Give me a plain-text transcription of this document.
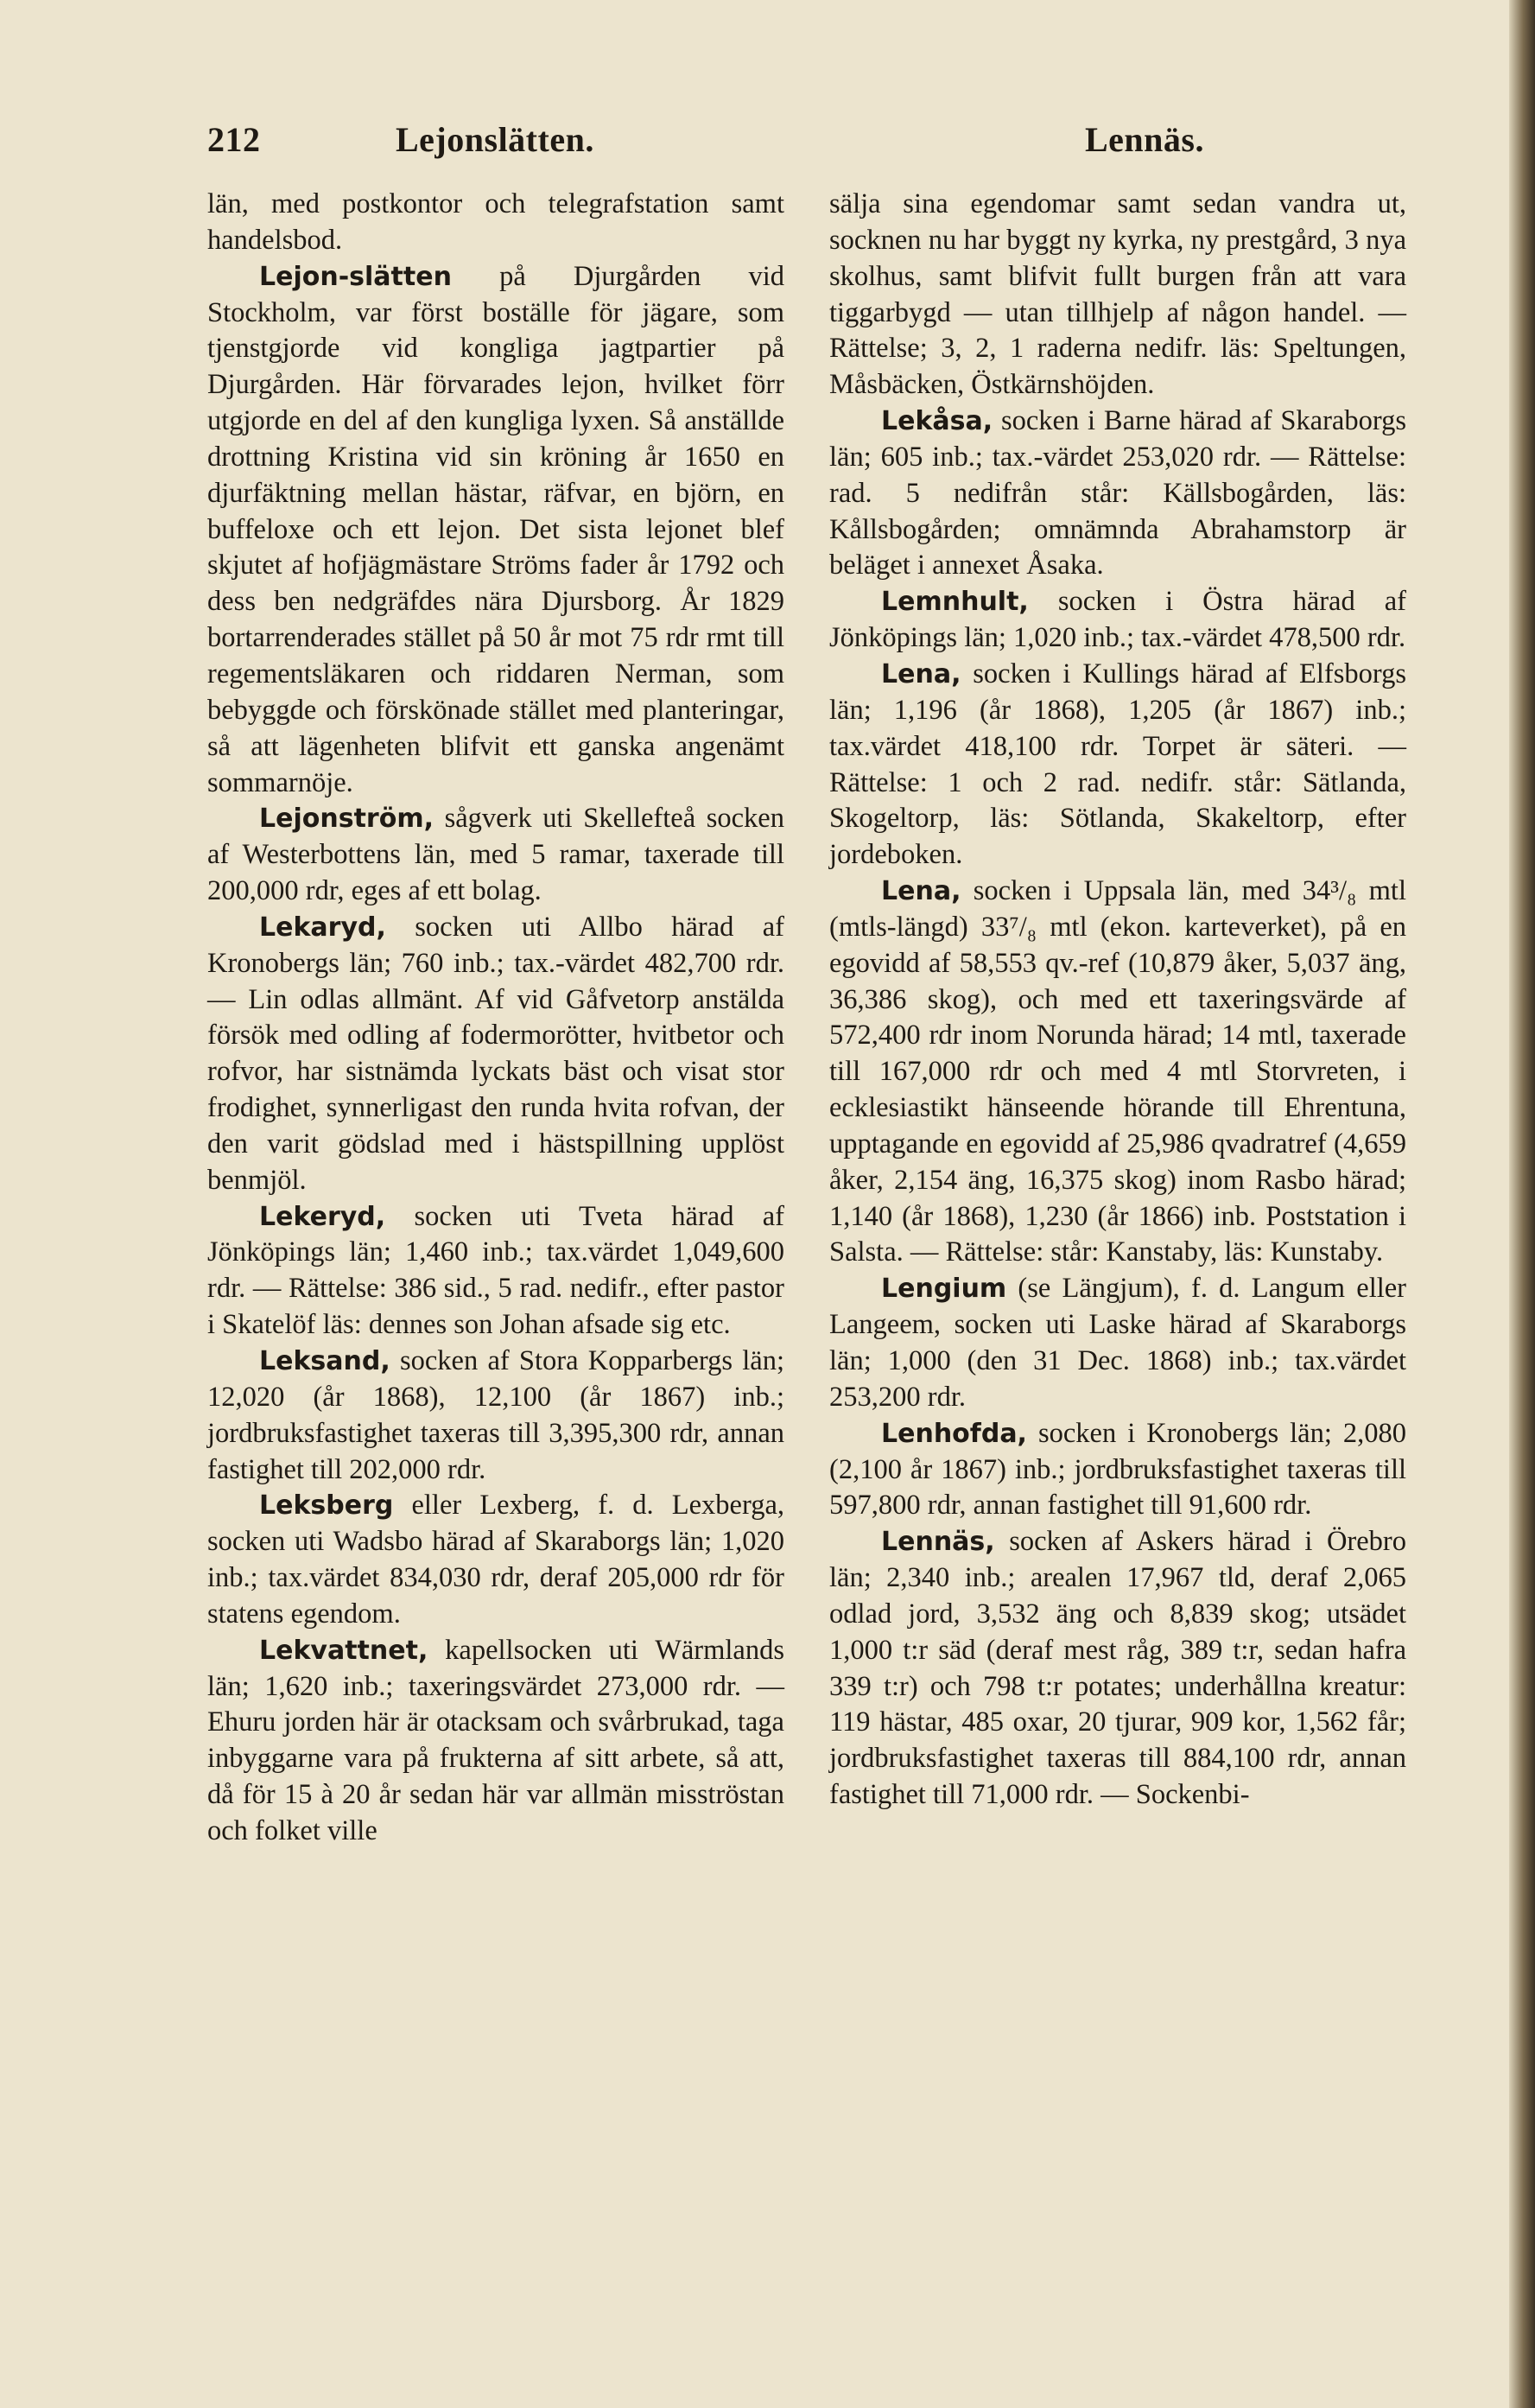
212	Lejonslätten.	Lennäs.

län, med postkontor och telegrafstation samt handelsbod.

Lejon-slätten på Djurgården vid Stockholm, var först boställe för jägare, som tjenstgjorde vid kongliga jagtpartier på Djurgården. Här förvarades lejon, hvilket förr utgjorde en del af den kungliga lyxen. Så anställde drottning Kristina vid sin kröning år 1650 en djurfäktning mellan hästar, räfvar, en björn, en buffeloxe och ett lejon. Det sista lejonet blef skjutet af hofjägmästare Ströms fader år 1792 och dess ben nedgräfdes nära Djursborg. År 1829 bortarrenderades stället på 50 år mot 75 rdr rmt till regementsläkaren och riddaren Nerman, som bebyggde och förskönade stället med planteringar, så att lägenheten blifvit ett ganska angenämt sommarnöje.

Lejonström, sågverk uti Skellefteå socken af Westerbottens län, med 5 ramar, taxerade till 200,000 rdr, eges af ett bolag.

Lekaryd, socken uti Allbo härad af Kronobergs län; 760 inb.; tax.-värdet 482,700 rdr. — Lin odlas allmänt. Af vid Gåfvetorp anstälda försök med odling af fodermorötter, hvitbetor och rofvor, har sistnämda lyckats bäst och visat stor frodighet, synnerligast den runda hvita rofvan, der den varit gödslad med i hästspillning upplöst benmjöl.

Lekeryd, socken uti Tveta härad af Jönköpings län; 1,460 inb.; tax.värdet 1,049,600 rdr. — Rättelse: 386 sid., 5 rad. nedifr., efter pastor i Skatelöf läs: dennes son Johan afsade sig etc.

Leksand, socken af Stora Kopparbergs län; 12,020 (år 1868), 12,100 (år 1867) inb.; jordbruksfastighet taxeras till 3,395,300 rdr, annan fastighet till 202,000 rdr.

Leksberg eller Lexberg, f. d. Lexberga, socken uti Wadsbo härad af Skaraborgs län; 1,020 inb.; tax.värdet 834,030 rdr, deraf 205,000 rdr för statens egendom.

Lekvattnet, kapellsocken uti Wärmlands län; 1,620 inb.; taxeringsvärdet 273,000 rdr. — Ehuru jorden här är otacksam och svårbrukad, taga inbyggarne vara på frukterna af sitt arbete, så att, då för 15 à 20 år sedan här var allmän misströstan och folket ville

sälja sina egendomar samt sedan vandra ut, socknen nu har byggt ny kyrka, ny prestgård, 3 nya skolhus, samt blifvit fullt burgen från att vara tiggarbygd — utan tillhjelp af någon handel. — Rättelse; 3, 2, 1 raderna nedifr. läs: Speltungen, Måsbäcken, Östkärnshöjden.

Lekåsa, socken i Barne härad af Skaraborgs län; 605 inb.; tax.-värdet 253,020 rdr. — Rättelse: rad. 5 nedifrån står: Källsbogården, läs: Kållsbogården; omnämnda Abrahamstorp är beläget i annexet Åsaka.

Lemnhult, socken i Östra härad af Jönköpings län; 1,020 inb.; tax.-värdet 478,500 rdr.

Lena, socken i Kullings härad af Elfsborgs län; 1,196 (år 1868), 1,205 (år 1867) inb.; tax.värdet 418,100 rdr. Torpet är säteri. — Rättelse: 1 och 2 rad. nedifr. står: Sätlanda, Skogeltorp, läs: Sötlanda, Skakeltorp, efter jordeboken.

Lena, socken i Uppsala län, med 34³/₈ mtl (mtls-längd) 33⁷/₈ mtl (ekon. karteverket), på en egovidd af 58,553 qv.-ref (10,879 åker, 5,037 äng, 36,386 skog), och med ett taxeringsvärde af 572,400 rdr inom Norunda härad; 14 mtl, taxerade till 167,000 rdr och med 4 mtl Storvreten, i ecklesiastikt hänseende hörande till Ehrentuna, upptagande en egovidd af 25,986 qvadratref (4,659 åker, 2,154 äng, 16,375 skog) inom Rasbo härad; 1,140 (år 1868), 1,230 (år 1866) inb. Poststation i Salsta. — Rättelse: står: Kanstaby, läs: Kunstaby.

Lengium (se Längjum), f. d. Langum eller Langeem, socken uti Laske härad af Skaraborgs län; 1,000 (den 31 Dec. 1868) inb.; tax.värdet 253,200 rdr.

Lenhofda, socken i Kronobergs län; 2,080 (2,100 år 1867) inb.; jordbruksfastighet taxeras till 597,800 rdr, annan fastighet till 91,600 rdr.

Lennäs, socken af Askers härad i Örebro län; 2,340 inb.; arealen 17,967 tld, deraf 2,065 odlad jord, 3,532 äng och 8,839 skog; utsädet 1,000 t:r säd (deraf mest råg, 389 t:r, sedan hafra 339 t:r) och 798 t:r potates; underhållna kreatur: 119 hästar, 485 oxar, 20 tjurar, 909 kor, 1,562 får; jordbruksfastighet taxeras till 884,100 rdr, annan fastighet till 71,000 rdr. — Sockenbi-
